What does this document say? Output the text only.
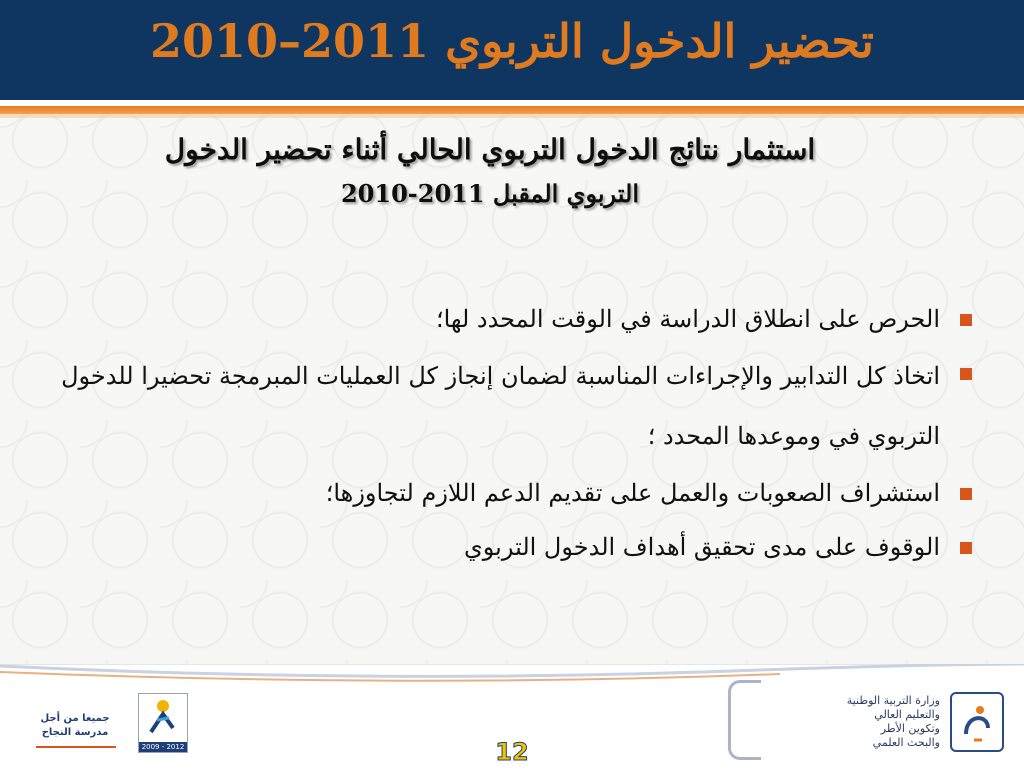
تحضير الدخول التربوي 2011–2010
استثمار نتائج الدخول التربوي الحالي أثناء تحضير الدخول
التربوي المقبل 2011-2010
الحرص على انطلاق الدراسة في الوقت المحدد لها؛
اتخاذ كل التدابير والإجراءات المناسبة لضمان إنجاز كل العمليات المبرمجة تحضيرا للدخول التربوي في وموعدها المحدد ؛
استشراف الصعوبات والعمل على تقديم الدعم اللازم لتجاوزها؛
الوقوف على مدى تحقيق أهداف الدخول التربوي
جميعا من أجل
مدرسة النجاح
2009 - 2012	12
وزارة التربية الوطنية
والتعليم العالي
وتكوين الأطر
والبحث العلمي
